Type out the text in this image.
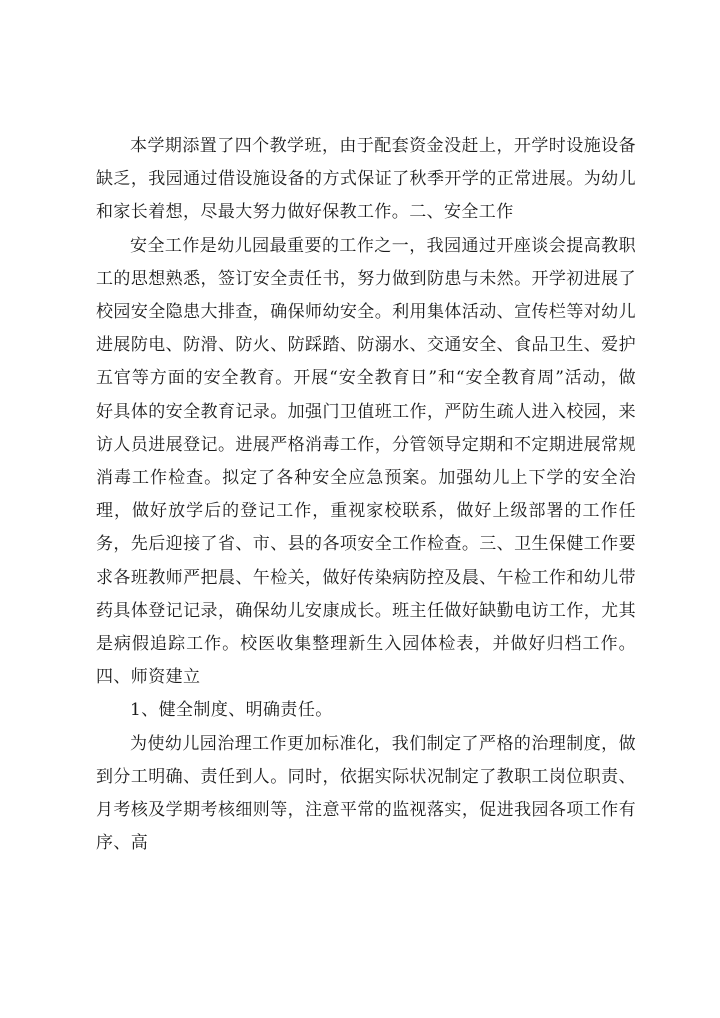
本学期添置了四个教学班，由于配套资金没赶上，开学时设施设备缺乏，我园通过借设施设备的方式保证了秋季开学的正常进展。为幼儿和家长着想，尽最大努力做好保教工作。二、安全工作

安全工作是幼儿园最重要的工作之一，我园通过开座谈会提高教职工的思想熟悉，签订安全责任书，努力做到防患与未然。开学初进展了校园安全隐患大排查，确保师幼安全。利用集体活动、宣传栏等对幼儿进展防电、防滑、防火、防踩踏、防溺水、交通安全、食品卫生、爱护五官等方面的安全教育。开展“安全教育日”和“安全教育周”活动，做好具体的安全教育记录。加强门卫值班工作，严防生疏人进入校园，来访人员进展登记。进展严格消毒工作，分管领导定期和不定期进展常规消毒工作检查。拟定了各种安全应急预案。加强幼儿上下学的安全治理，做好放学后的登记工作，重视家校联系，做好上级部署的工作任务，先后迎接了省、市、县的各项安全工作检查。三、卫生保健工作要求各班教师严把晨、午检关，做好传染病防控及晨、午检工作和幼儿带药具体登记记录，确保幼儿安康成长。班主任做好缺勤电访工作，尤其是病假追踪工作。校医收集整理新生入园体检表，并做好归档工作。四、师资建立

1、健全制度、明确责任。

为使幼儿园治理工作更加标准化，我们制定了严格的治理制度，做到分工明确、责任到人。同时，依据实际状况制定了教职工岗位职责、月考核及学期考核细则等，注意平常的监视落实，促进我园各项工作有序、高
